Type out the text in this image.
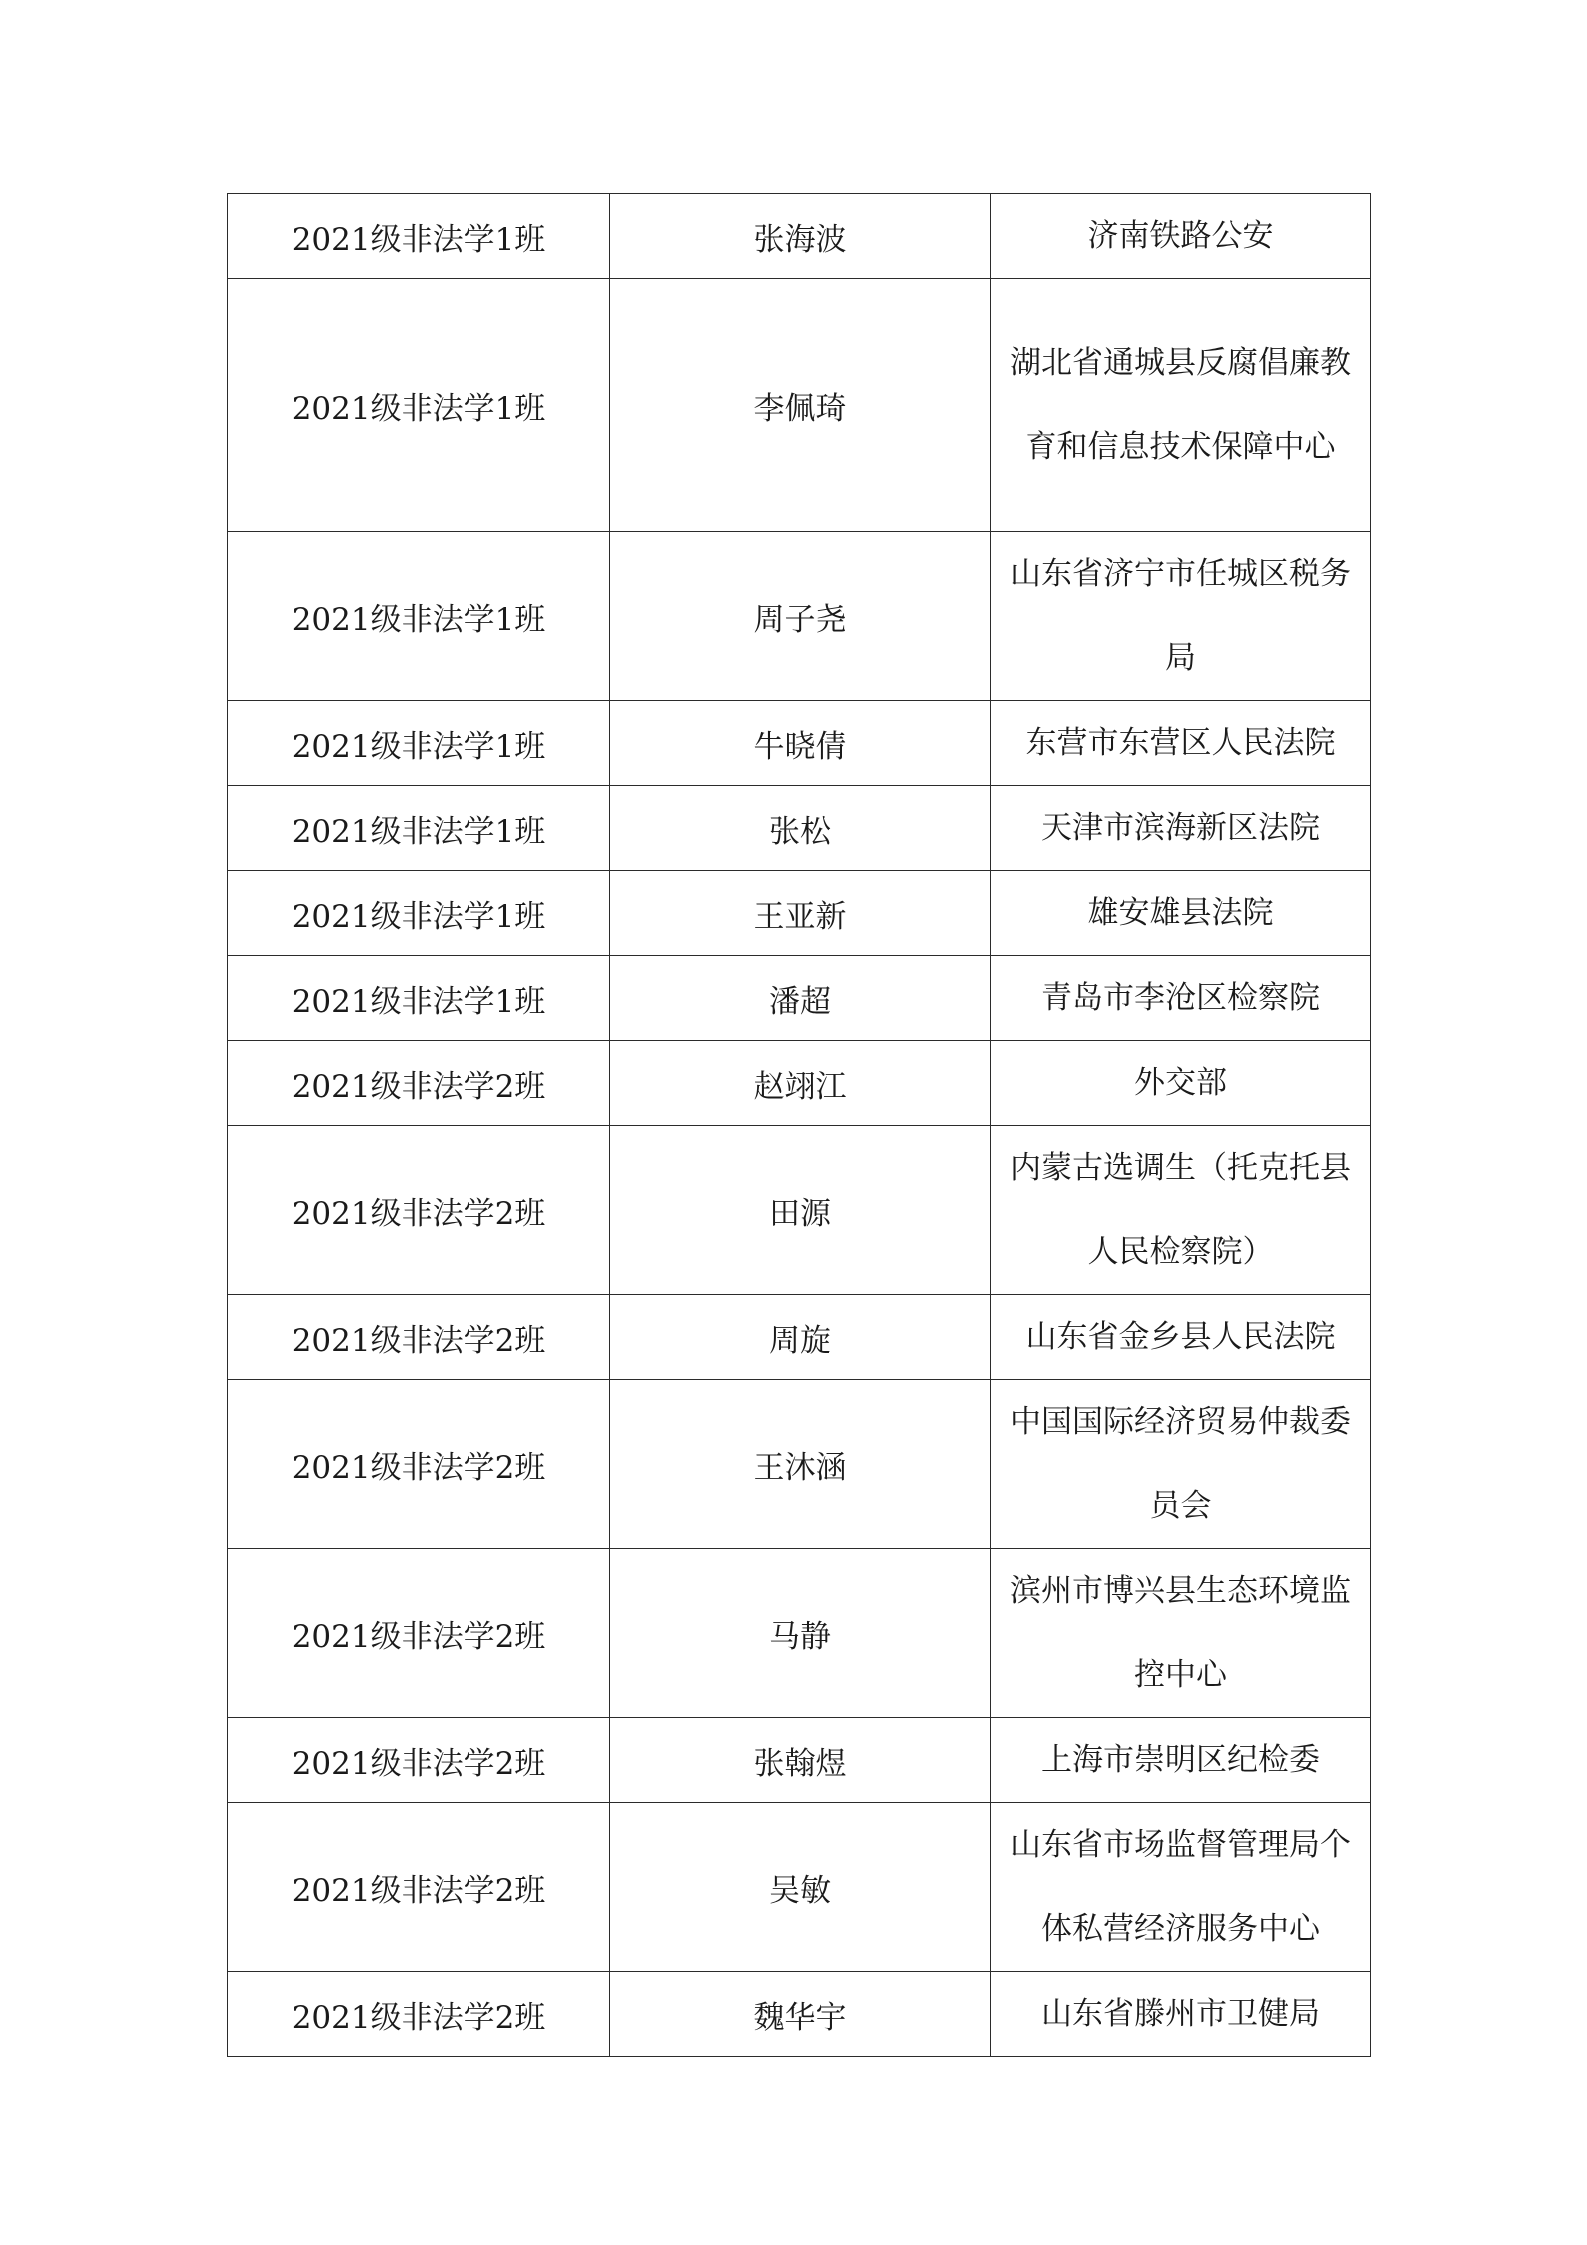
2021级非法学1班	张海波	济南铁路公安
2021级非法学1班	李佩琦	湖北省通城县反腐倡廉教育和信息技术保障中心
2021级非法学1班	周子尧	山东省济宁市任城区税务局
2021级非法学1班	牛晓倩	东营市东营区人民法院
2021级非法学1班	张松	天津市滨海新区法院
2021级非法学1班	王亚新	雄安雄县法院
2021级非法学1班	潘超	青岛市李沧区检察院
2021级非法学2班	赵翊江	外交部
2021级非法学2班	田源	内蒙古选调生（托克托县人民检察院）
2021级非法学2班	周旋	山东省金乡县人民法院
2021级非法学2班	王沐涵	中国国际经济贸易仲裁委员会
2021级非法学2班	马静	滨州市博兴县生态环境监控中心
2021级非法学2班	张翰煜	上海市崇明区纪检委
2021级非法学2班	吴敏	山东省市场监督管理局个体私营经济服务中心
2021级非法学2班	魏华宇	山东省滕州市卫健局
